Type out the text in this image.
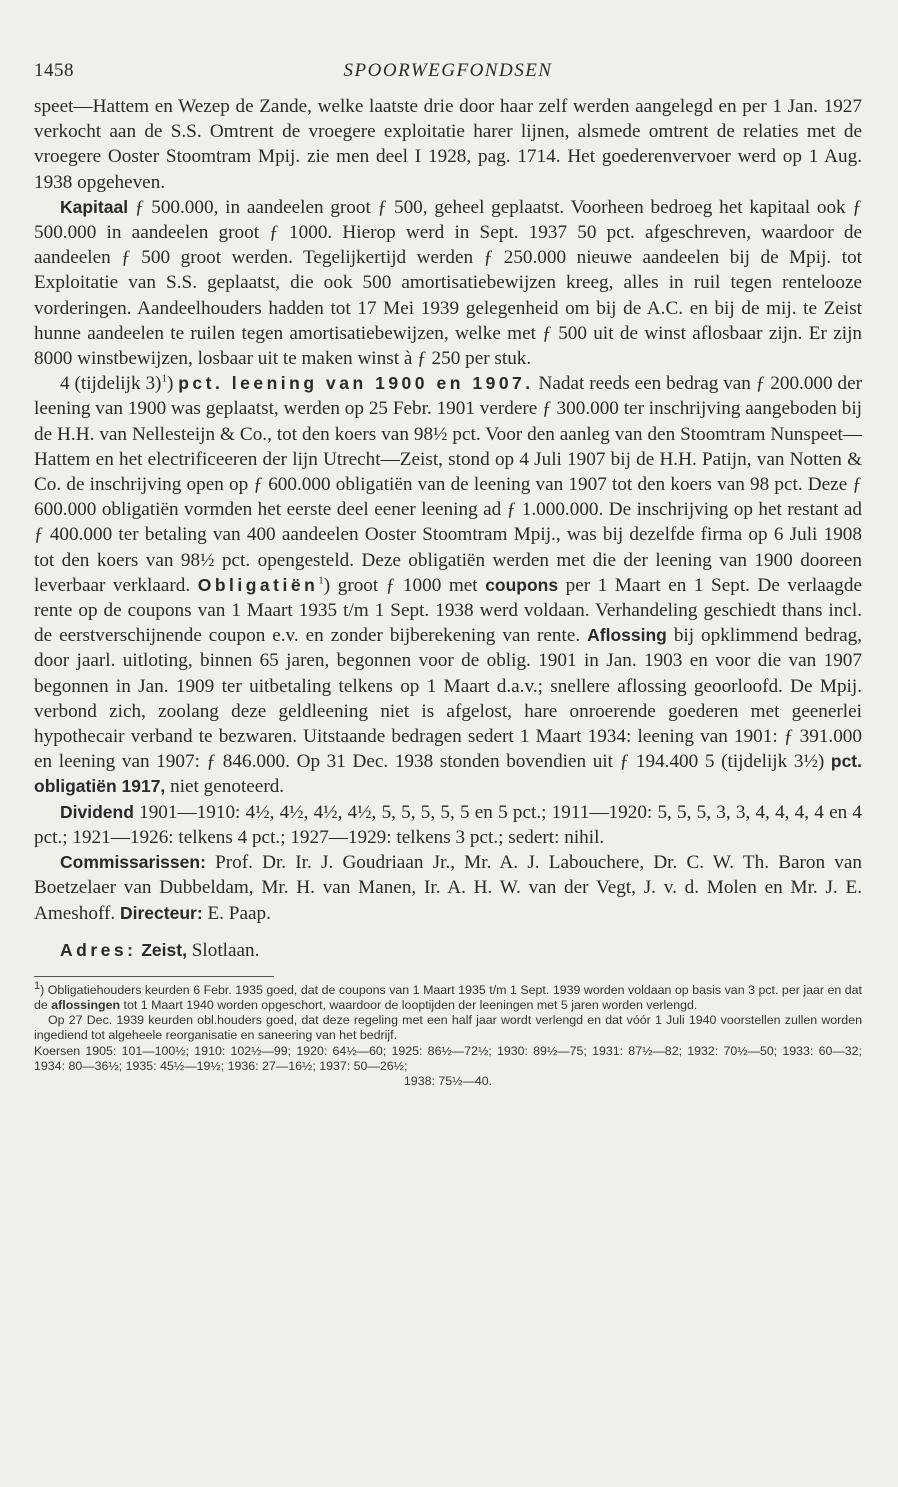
1458	SPOORWEGFONDSEN

speet—Hattem en Wezep de Zande, welke laatste drie door haar zelf werden aangelegd en per 1 Jan. 1927 verkocht aan de S.S. Omtrent de vroegere exploitatie harer lijnen, alsmede omtrent de relaties met de vroegere Ooster Stoomtram Mpij. zie men deel I 1928, pag. 1714. Het goederenvervoer werd op 1 Aug. 1938 opgeheven.

Kapitaal ƒ 500.000, in aandeelen groot ƒ 500, geheel geplaatst. Voorheen bedroeg het kapitaal ook ƒ 500.000 in aandeelen groot ƒ 1000. Hierop werd in Sept. 1937 50 pct. afgeschreven, waardoor de aandeelen ƒ 500 groot werden. Tegelijkertijd werden ƒ 250.000 nieuwe aandeelen bij de Mpij. tot Exploitatie van S.S. geplaatst, die ook 500 amortisatiebewijzen kreeg, alles in ruil tegen rentelooze vorderingen. Aandeelhouders hadden tot 17 Mei 1939 gelegenheid om bij de A.C. en bij de mij. te Zeist hunne aandeelen te ruilen tegen amortisatiebewijzen, welke met ƒ 500 uit de winst aflosbaar zijn. Er zijn 8000 winstbewijzen, losbaar uit te maken winst à ƒ 250 per stuk.

4 (tijdelijk 3)$^1$) pct. leening van 1900 en 1907. Nadat reeds een bedrag van ƒ 200.000 der leening van 1900 was geplaatst, werden op 25 Febr. 1901 verdere ƒ 300.000 ter inschrijving aangeboden bij de H.H. van Nellesteijn & Co., tot den koers van 98½ pct. Voor den aanleg van den Stoomtram Nunspeet—Hattem en het electrificeeren der lijn Utrecht—Zeist, stond op 4 Juli 1907 bij de H.H. Patijn, van Notten & Co. de inschrijving open op ƒ 600.000 obligatiën van de leening van 1907 tot den koers van 98 pct. Deze ƒ 600.000 obligatiën vormden het eerste deel eener leening ad ƒ 1.000.000. De inschrijving op het restant ad ƒ 400.000 ter betaling van 400 aandeelen Ooster Stoomtram Mpij., was bij dezelfde firma op 6 Juli 1908 tot den koers van 98½ pct. opengesteld. Deze obligatiën werden met die der leening van 1900 dooreen leverbaar verklaard. Obligatiën$^1$) groot ƒ 1000 met coupons per 1 Maart en 1 Sept. De verlaagde rente op de coupons van 1 Maart 1935 t/m 1 Sept. 1938 werd voldaan. Verhandeling geschiedt thans incl. de eerstverschijnende coupon e.v. en zonder bijberekening van rente. Aflossing bij opklimmend bedrag, door jaarl. uitloting, binnen 65 jaren, begonnen voor de oblig. 1901 in Jan. 1903 en voor die van 1907 begonnen in Jan. 1909 ter uitbetaling telkens op 1 Maart d.a.v.; snellere aflossing geoorloofd. De Mpij. verbond zich, zoolang deze geldleening niet is afgelost, hare onroerende goederen met geenerlei hypothecair verband te bezwaren. Uitstaande bedragen sedert 1 Maart 1934: leening van 1901: ƒ 391.000 en leening van 1907: ƒ 846.000. Op 31 Dec. 1938 stonden bovendien uit ƒ 194.400 5 (tijdelijk 3½) pct. obligatiën 1917, niet genoteerd.

Dividend 1901—1910: 4½, 4½, 4½, 4½, 5, 5, 5, 5, 5 en 5 pct.; 1911—1920: 5, 5, 5, 3, 3, 4, 4, 4, 4 en 4 pct.; 1921—1926: telkens 4 pct.; 1927—1929: telkens 3 pct.; sedert: nihil.

Commissarissen: Prof. Dr. Ir. J. Goudriaan Jr., Mr. A. J. Labouchere, Dr. C. W. Th. Baron van Boetzelaer van Dubbeldam, Mr. H. van Manen, Ir. A. H. W. van der Vegt, J. v. d. Molen en Mr. J. E. Ameshoff. Directeur: E. Paap.

Adres: Zeist, Slotlaan.

$^1$) Obligatiehouders keurden 6 Febr. 1935 goed, dat de coupons van 1 Maart 1935 t/m 1 Sept. 1939 worden voldaan op basis van 3 pct. per jaar en dat de aflossingen tot 1 Maart 1940 worden opgeschort, waardoor de looptijden der leeningen met 5 jaren worden verlengd.

Op 27 Dec. 1939 keurden obl.houders goed, dat deze regeling met een half jaar wordt verlengd en dat vóór 1 Juli 1940 voorstellen zullen worden ingediend tot algeheele reorganisatie en saneering van het bedrijf.

Koersen 1905: 101—100½; 1910: 102½—99; 1920: 64½—60; 1925: 86½—72½; 1930: 89½—75; 1931: 87½—82; 1932: 70½—50; 1933: 60—32; 1934: 80—36½; 1935: 45½—19½; 1936: 27—16½; 1937: 50—26½;

1938: 75½—40.
